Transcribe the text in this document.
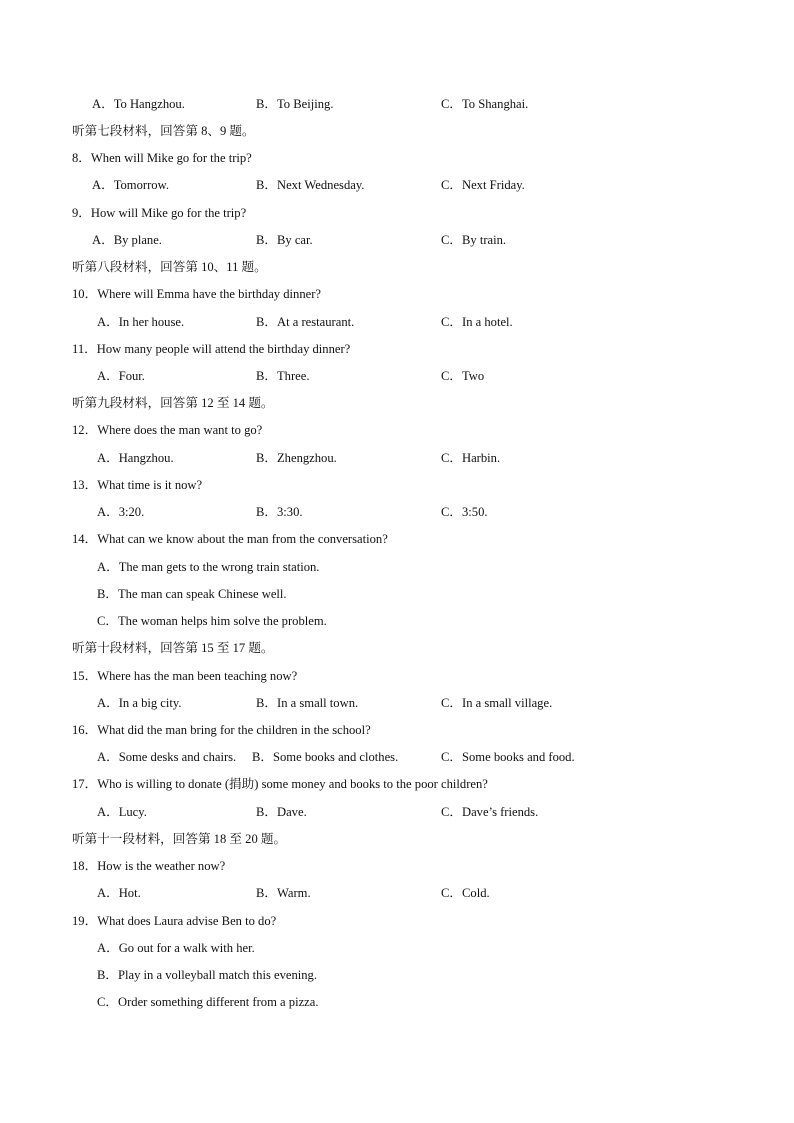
A．To Hangzhou.	B．To Beijing.	C．To Shanghai.
听第七段材料，回答第 8、9 题。
8．When will Mike go for the trip?
A．Tomorrow.	B．Next Wednesday.	C．Next Friday.
9．How will Mike go for the trip?
A．By plane.	B．By car.	C．By train.
听第八段材料，回答第 10、11 题。
10．Where will Emma have the birthday dinner?
A．In her house.	B．At a restaurant.	C．In a hotel.
11．How many people will attend the birthday dinner?
A．Four.	B．Three.	C．Two
听第九段材料，回答第 12 至 14 题。
12．Where does the man want to go?
A．Hangzhou.	B．Zhengzhou.	C．Harbin.
13．What time is it now?
A．3:20.	B．3:30.	C．3:50.
14．What can we know about the man from the conversation?
A．The man gets to the wrong train station.
B．The man can speak Chinese well.
C．The woman helps him solve the problem.
听第十段材料，回答第 15 至 17 题。
15．Where has the man been teaching now?
A．In a big city.	B．In a small town.	C．In a small village.
16．What did the man bring for the children in the school?
A．Some desks and chairs. B．Some books and clothes.	C．Some books and food.
17．Who is willing to donate (捐助) some money and books to the poor children?
A．Lucy.	B．Dave.	C．Dave’s friends.
听第十一段材料，回答第 18 至 20 题。
18．How is the weather now?
A．Hot.	B．Warm.	C．Cold.
19．What does Laura advise Ben to do?
A．Go out for a walk with her.
B．Play in a volleyball match this evening.
C．Order something different from a pizza.
